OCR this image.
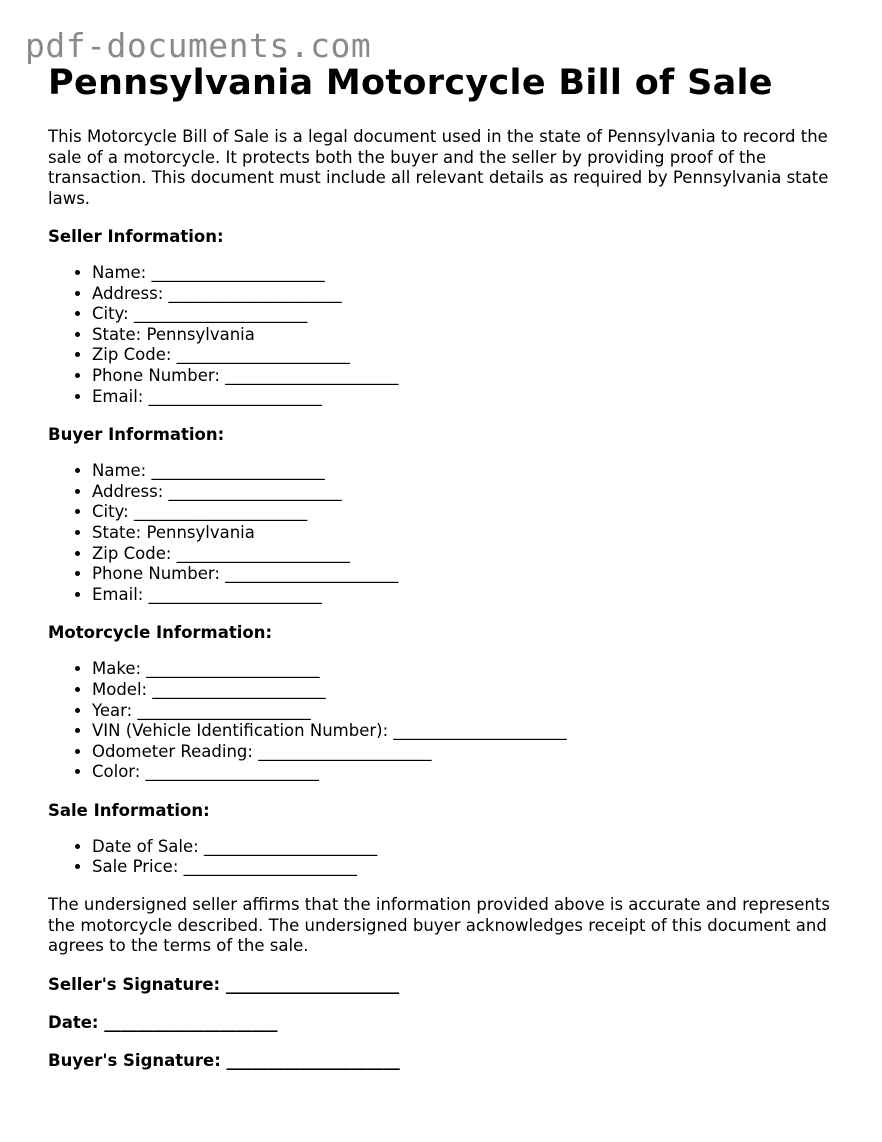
pdf-documents.com
Pennsylvania Motorcycle Bill of Sale

This Motorcycle Bill of Sale is a legal document used in the state of Pennsylvania to record the sale of a motorcycle. It protects both the buyer and the seller by providing proof of the transaction. This document must include all relevant details as required by Pennsylvania state laws.

Seller Information:
• Name: _____________________
• Address: _____________________
• City: _____________________
• State: Pennsylvania
• Zip Code: _____________________
• Phone Number: _____________________
• Email: _____________________
Buyer Information:
• Name: _____________________
• Address: _____________________
• City: _____________________
• State: Pennsylvania
• Zip Code: _____________________
• Phone Number: _____________________
• Email: _____________________
Motorcycle Information:
• Make: _____________________
• Model: _____________________
• Year: _____________________
• VIN (Vehicle Identification Number): _____________________
• Odometer Reading: _____________________
• Color: _____________________
Sale Information:
• Date of Sale: _____________________
• Sale Price: _____________________

The undersigned seller affirms that the information provided above is accurate and represents the motorcycle described. The undersigned buyer acknowledges receipt of this document and agrees to the terms of the sale.

Seller's Signature: _____________________
Date: _____________________
Buyer's Signature: _____________________
